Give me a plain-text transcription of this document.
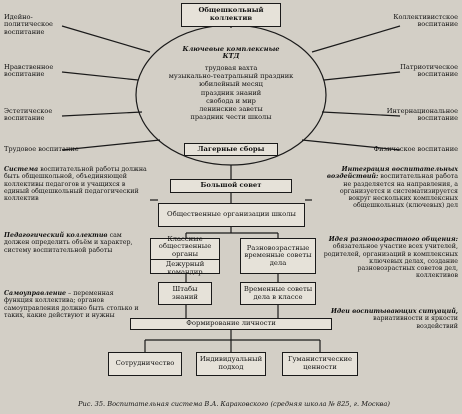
Общешкольный коллектив
Ключевые комплексные КТД
трудовая вахта
музыкально-театральный праздник
юбилейный месяц
праздник знаний
свобода и мир
ленинские заветы
праздник чести школы
Лагерные сборы
Идейно-политическое воспитание
Нравственное воспитание
Эстетическое воспитание
Трудовое воспитание
Коллективистское воспитание
Патриотическое воспитание
Интернациональное воспитание
Физическое воспитание
Большой совет
Общественные организации школы
Классные общественные органы
Дежурный командир
Разновозрастные временные советы дела
Штабы знаний
Временные советы дела в классе
Формирование личности
Сотрудничество	Индивидуальный подход
Гуманистические ценности
Система воспитательной работы должна быть общешкольной, объединяющей коллективы педагогов и учащихся в единый общешкольный педагогический коллектив
Педагогический коллектив сам должен определить объём и характер, систему воспитательной работы
Самоуправление – переменная функция коллектива; органов самоуправления должно быть столько и таких, какие действуют и нужны
Интеграция воспитательных воздействий: воспитательная работа не разделяется на направления, а организуется и систематизируется вокруг нескольких комплексных общешкольных (ключевых) дел
Идея разновозрастного общения: обязательное участие всех учителей, родителей, организаций в комплексных ключевых делах, создание разновозрастных советов дел, коллективов
Идеи воспитывающих ситуаций, вариативности и яркости воздействий
Рис. 35. Воспитательная система В.А. Караковского (средняя школа № 825, г. Москва)
